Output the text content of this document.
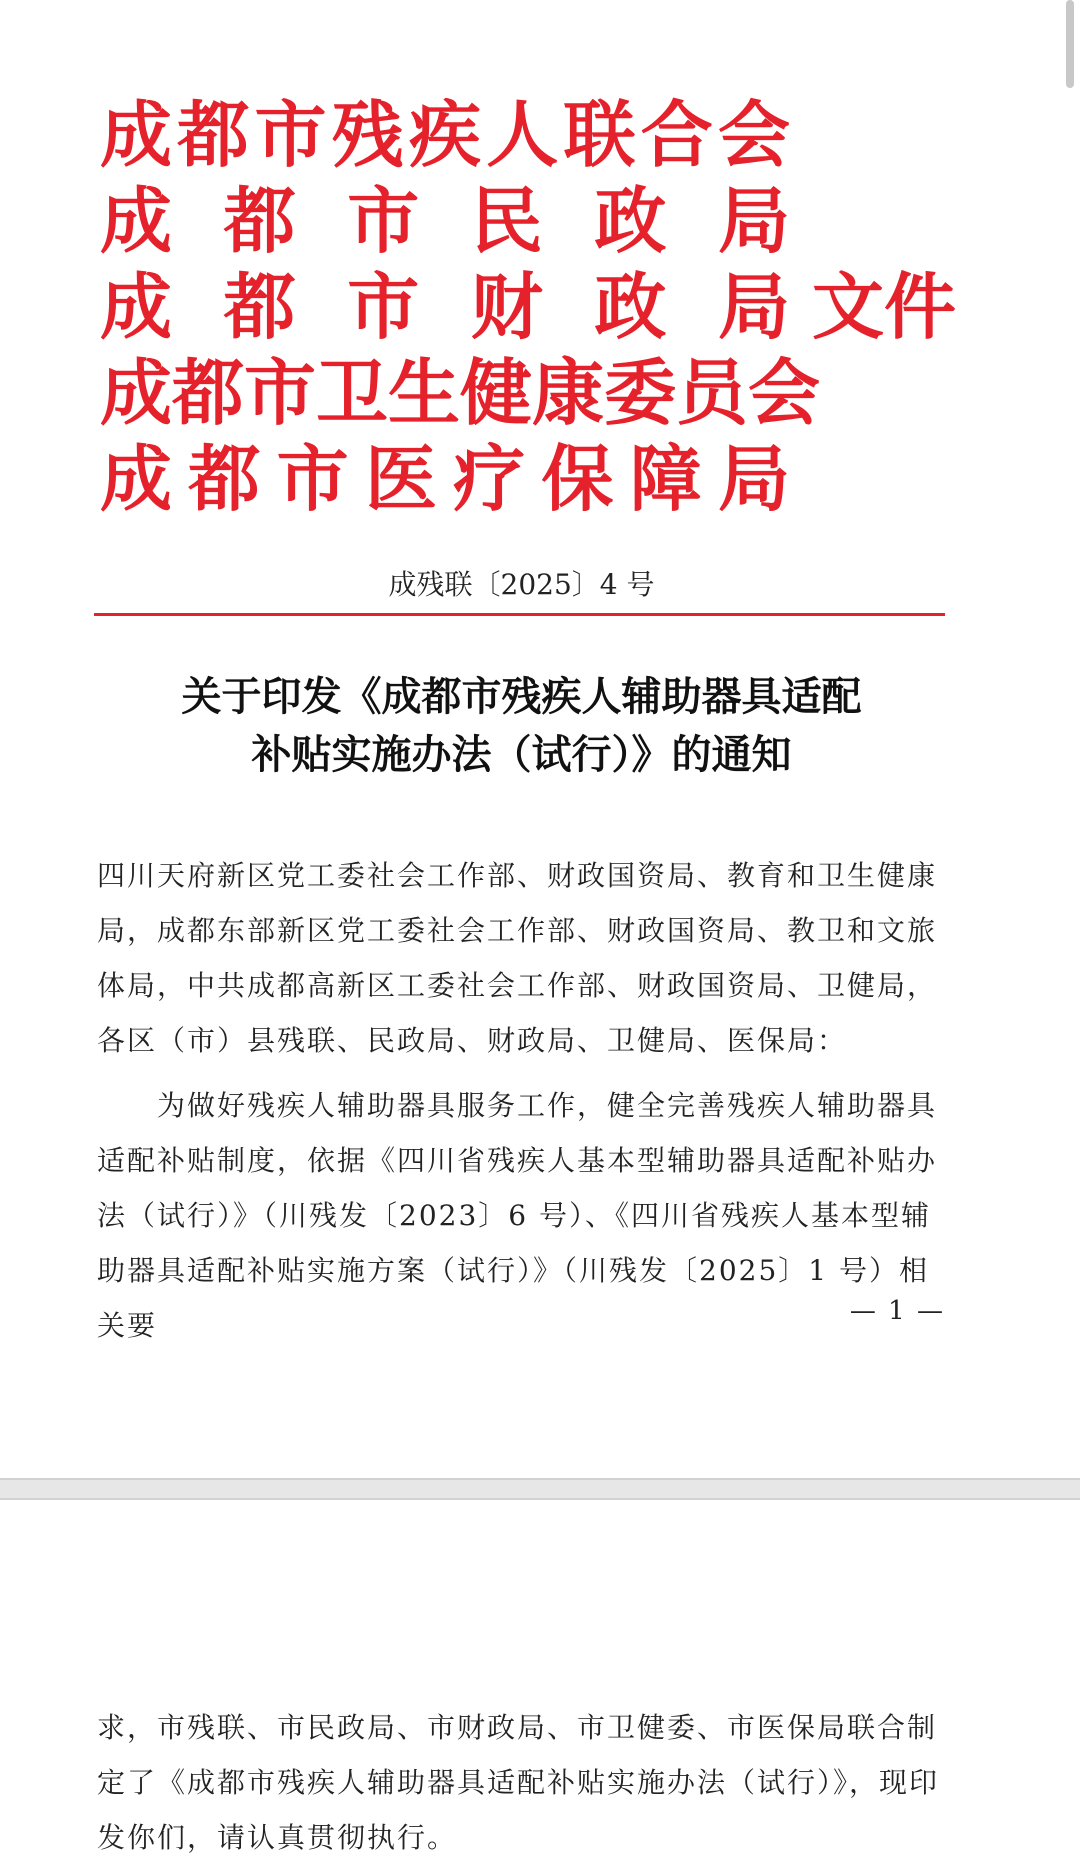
成都市残疾人联合会
成都市民政局
成都市财政局 文件
成都市卫生健康委员会
成都市医疗保障局
成残联〔2025〕4 号
关于印发《成都市残疾人辅助器具适配
补贴实施办法（试行）》的通知
四川天府新区党工委社会工作部、财政国资局、教育和卫生健康局，成都东部新区党工委社会工作部、财政国资局、教卫和文旅体局，中共成都高新区工委社会工作部、财政国资局、卫健局，各区（市）县残联、民政局、财政局、卫健局、医保局：
为做好残疾人辅助器具服务工作，健全完善残疾人辅助器具适配补贴制度，依据《四川省残疾人基本型辅助器具适配补贴办法（试行）》（川残发〔2023〕6 号）、《四川省残疾人基本型辅助器具适配补贴实施方案（试行）》（川残发〔2025〕1 号）相关要	— 1 —
求，市残联、市民政局、市财政局、市卫健委、市医保局联合制定了《成都市残疾人辅助器具适配补贴实施办法（试行）》，现印发你们，请认真贯彻执行。
